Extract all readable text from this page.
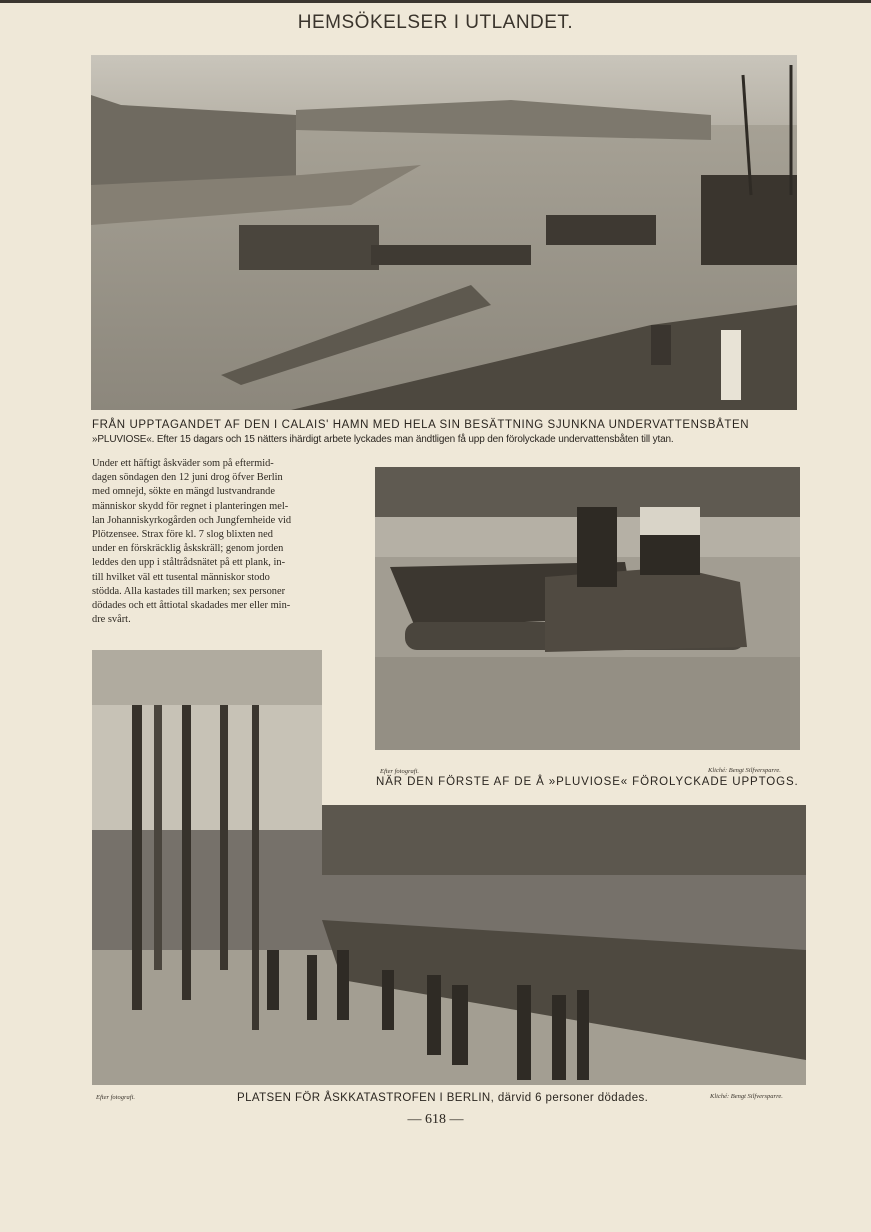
HEMSÖKELSER I UTLANDET.
FRÅN UPPTAGANDET AF DEN I CALAIS' HAMN MED HELA SIN BESÄTTNING SJUNKNA UNDERVATTENSBÅTEN
»PLUVIOSE«. Efter 15 dagars och 15 nätters ihärdigt arbete lyckades man ändtligen få upp den förolyckade undervattensbåten till ytan.
Under ett häftigt åskväder som på eftermid-
dagen söndagen den 12 juni drog öfver Berlin
med omnejd, sökte en mängd lustvandrande
människor skydd för regnet i planteringen mel-
lan Johanniskyrkogården och Jungfernheide vid
Plötzensee. Strax före kl. 7 slog blixten ned
under en förskräcklig åskskräll; genom jorden
leddes den upp i ståltrådsnätet på ett plank, in-
till hvilket väl ett tusental människor stodo
stödda. Alla kastades till marken; sex personer
dödades och ett åttiotal skadades mer eller min-
dre svårt.
Efter fotografi.	Kliché: Bengt Silfversparre.
NÄR DEN FÖRSTE AF DE Å »PLUVIOSE« FÖROLYCKADE UPPTOGS.
Efter fotografi.	Kliché: Bengt Silfversparre.
PLATSEN FÖR ÅSKKATASTROFEN I BERLIN, därvid 6 personer dödades.
— 618 —
